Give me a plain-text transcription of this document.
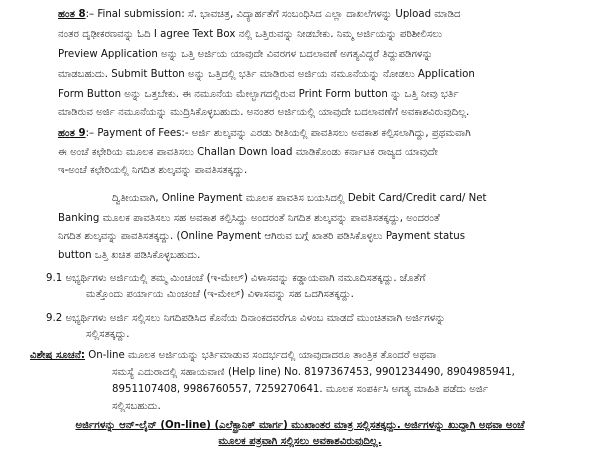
ಹಂತ 8:– Final submission: ಸೆ. ಭಾವಚಿತ್ರ, ವಿದ್ಯಾರ್ಹತೆಗೆ ಸಂಬಂಧಿಸಿದ ಎಲ್ಲಾ ದಾಖಲೆಗಳನ್ನು Upload ಮಾಡಿದ
ನಂತರ ದೃಢೀಕರಣವನ್ನು ಓದಿ I agree Text Box ನಲ್ಲಿ ಒತ್ತಿರುವನ್ನು ನೀಡಬೇಕು. ನಿಮ್ಮ ಅರ್ಜಿಯನ್ನು ಪರಿಶೀಲಿಸಲು
Preview Application ಅನ್ನು ಒತ್ತಿ ಅರ್ಜಿಯ ಯಾವುದೇ ವಿವರಗಳ ಬದಲಾವಣೆ ಅಗತ್ಯವಿದ್ದರೆ ತಿದ್ದುಪಡಿಗಳನ್ನು
ಮಾಡಬಹುದು. Submit Button ಅನ್ನು ಒತ್ತಿದಲ್ಲಿ ಭರ್ತಿ ಮಾಡಿರುವ ಅರ್ಜಿಯ ನಮೂನೆಯನ್ನು ನೋಡಲು Application
Form Button ಅನ್ನು ಒತ್ತಬೇಕು. ಈ ನಮೂನೆಯ ಮೇಲ್ಭಾಗದಲ್ಲಿರುವ Print Form button ನ್ನು ಒತ್ತಿ ನೀವು ಭರ್ತಿ
ಮಾಡಿರುವ ಅರ್ಜಿ ನಮೂನೆಯನ್ನು ಮುದ್ರಿಸಿಕೊಳ್ಳಬಹುದು. ಅನಂತರ ಅರ್ಜಿಯಲ್ಲಿ ಯಾವುದೇ ಬದಲಾವಣೆಗೆ ಅವಕಾಶವಿರುವುದಿಲ್ಲ.
ಹಂತ 9:– Payment of Fees:- ಅರ್ಜಿ ಶುಲ್ಕವನ್ನು ಎರಡು ರೀತಿಯಲ್ಲಿ ಪಾವತಿಸಲು ಅವಕಾಶ ಕಲ್ಪಿಸಲಾಗಿದ್ದು, ಪ್ರಥಮವಾಗಿ
ಈ ಅಂಚೆ ಕಛೇರಿಯ ಮೂಲಕ ಪಾವತಿಸಲು Challan Down load ಮಾಡಿಕೊಂಡು ಕರ್ನಾಟಕ ರಾಜ್ಯದ ಯಾವುದೇ
ಇ-ಅಂಚೆ ಕಛೇರಿಯಲ್ಲಿ ನಿಗದಿತ ಶುಲ್ಕವನ್ನು ಪಾವತಿಸತಕ್ಕದ್ದು.
ದ್ವಿತೀಯವಾಗಿ, Online Payment ಮೂಲಕ ಪಾವತಿಸ ಬಯಸಿದಲ್ಲಿ Debit Card/Credit card/ Net
Banking ಮೂಲಕ ಪಾವತಿಸಲು ಸಹ ಅವಕಾಶ ಕಲ್ಪಿಸಿದ್ದು ಅಂದರಂತೆ ನಿಗದಿತ ಶುಲ್ಕವನ್ನು ಪಾವತಿಸತಕ್ಕದ್ದು, ಅಂದರಂತೆ
ನಿಗದಿತ ಶುಲ್ಕವನ್ನು ಪಾವತಿಸತಕ್ಕದ್ದು. (Online Payment ಆಗಿರುವ ಬಗ್ಗೆ ಖಾತರಿ ಪಡಿಸಿಕೊಳ್ಳಲು Payment status
button ಒತ್ತಿ ಖಚಿತ ಪಡಿಸಿಕೊಳ್ಳಬಹುದು.
9.1 ಅಭ್ಯರ್ಥಿಗಳು ಅರ್ಜಿಯಲ್ಲಿ ತಮ್ಮ ಮಿಂಚಂಚೆ (ಇ-ಮೇಲ್) ವಿಳಾಸವನ್ನು ಕಡ್ಡಾಯವಾಗಿ ನಮೂದಿಸತಕ್ಕದ್ದು. ಜೊತೆಗೆ
ಮತ್ತೊಂದು ಪರ್ಯಾಯ ಮಿಂಚಂಚೆ (ಇ-ಮೇಲ್) ವಿಳಾಸವನ್ನು ಸಹ ಒದಗಿಸತಕ್ಕದ್ದು.
9.2 ಅಭ್ಯರ್ಥಿಗಳು ಅರ್ಜಿ ಸಲ್ಲಿಸಲು ನಿಗದಿಪಡಿಸಿದ ಕೊನೆಯ ದಿನಾಂಕದವರೆಗೂ ವಿಳಂಬ ಮಾಡದೆ ಮುಂಚಿತವಾಗಿ ಅರ್ಜಿಗಳನ್ನು
ಸಲ್ಲಿಸತಕ್ಕದ್ದು.
ವಿಶೇಷ ಸೂಚನೆ: On-line ಮೂಲಕ ಅರ್ಜಿಯನ್ನು ಭರ್ತಿಮಾಡುವ ಸಂದರ್ಭದಲ್ಲಿ ಯಾವುದಾದರೂ ತಾಂತ್ರಿಕ ತೊಂದರೆ ಅಥವಾ
ಸಮಸ್ಯೆ ಎದುರಾದಲ್ಲಿ ಸಹಾಯವಾಣಿ (Help line) No. 8197367453, 9901234490, 8904985941,
8951107408, 9986760557, 7259270641. ಮೂಲಕ ಸಂಪರ್ಕಿಸಿ ಅಗತ್ಯ ಮಾಹಿತಿ ಪಡೆದು ಅರ್ಜಿ
ಸಲ್ಲಿಸಬಹುದು.
ಅರ್ಜಿಗಳನ್ನು ಆನ್-ಲೈನ್ (On-line) (ಎಲೆಕ್ಟ್ರಾನಿಕ್ ಮಾರ್ಗ) ಮುಖಾಂತರ ಮಾತ್ರ ಸಲ್ಲಿಸತಕ್ಕದ್ದು. ಅರ್ಜಿಗಳನ್ನು ಖುದ್ದಾಗಿ ಅಥವಾ ಅಂಚೆ
ಮೂಲಕ ಪತ್ರವಾಗಿ ಸಲ್ಲಿಸಲು ಅವಕಾಶವಿರುವುದಿಲ್ಲ.
